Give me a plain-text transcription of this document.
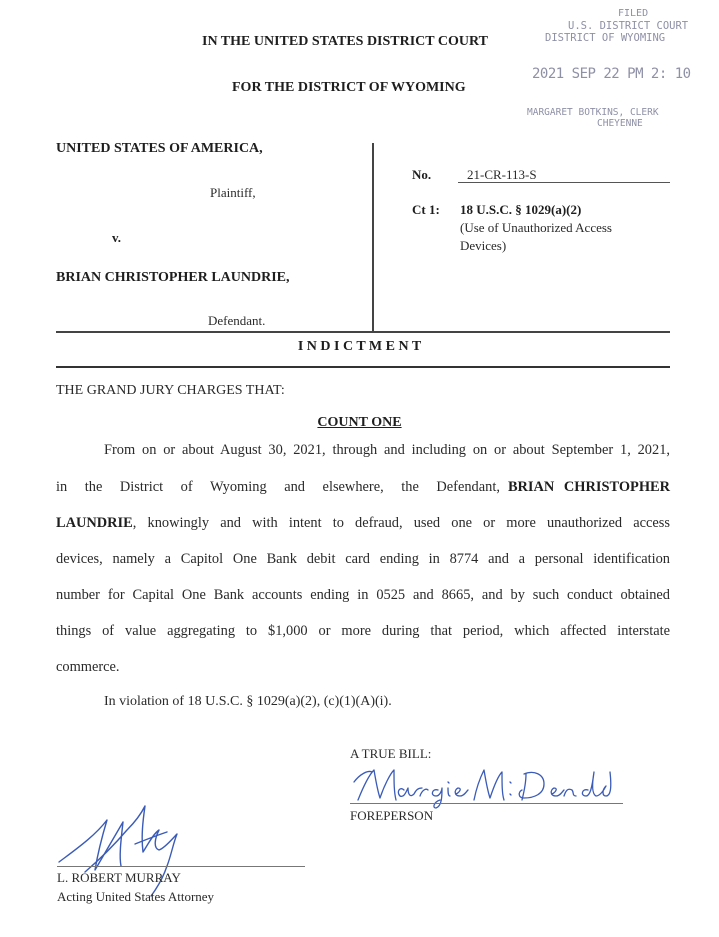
IN THE UNITED STATES DISTRICT COURT
FOR THE DISTRICT OF WYOMING
FILED
U.S. DISTRICT COURT
DISTRICT OF WYOMING
2021 SEP 22 PM 2: 10
MARGARET BOTKINS, CLERK
CHEYENNE
UNITED STATES OF AMERICA,
Plaintiff,
v.
BRIAN CHRISTOPHER LAUNDRIE,
Defendant.
No.	21-CR-113-S
Ct 1: 18 U.S.C. § 1029(a)(2)
(Use of Unauthorized Access
Devices)
I N D I C T M E N T
THE GRAND JURY CHARGES THAT:
COUNT ONE
From on or about August 30, 2021, through and including on or about September 1, 2021,
in the District of Wyoming and elsewhere, the Defendant, BRIAN CHRISTOPHER
LAUNDRIE , knowingly and with intent to defraud, used one or more unauthorized access
devices, namely a Capitol One Bank debit card ending in 8774 and a personal identification
number for Capital One Bank accounts ending in 0525 and 8665, and by such conduct obtained
things of value aggregating to $1,000 or more during that period, which affected interstate
commerce.
In violation of 18 U.S.C. § 1029(a)(2), (c)(1)(A)(i).
A TRUE BILL:
FOREPERSON
L. ROBERT MURRAY
Acting United States Attorney
